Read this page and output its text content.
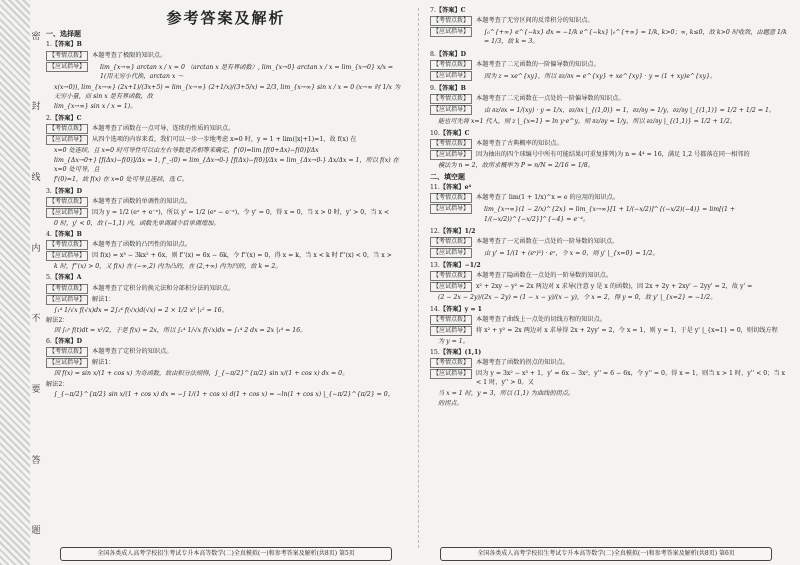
密
封
线
内
不
要
答
题
参考答案及解析
一、选择题
1.【答案】B
【考情点拨】	本题考查了极限的知识点。
【应试指导】	lim_{x→∞} arctan x / x = 0 （arctan x 是有界函数）, lim_{x→0} arctan x / x = lim_{x→0} x/x = 1(用无穷小代换，arctan x ～
x(x→0)), lim_{x→∞} (2x+1)/(3x+5) = lim_{x→∞} (2+1/x)/(3+5/x) = 2/3, lim_{x→∞} sin x / x = 0 (x→∞ 时 1/x 为无穷小量，而 sin x 是有界函数，故
lim_{x→∞} sin x / x = 1)。
2.【答案】C
【考情点拨】	本题考查了函数在一点可导，连续的性质的知识点。
【应试指导】	从四个选项的内容来看，我们可以一步一步地考虑 x=0 时，y = 1 + lim(|x|+1)=1，故 f(x) 在
x=0 处连续，且 x=0 时可导性可以由左右导数是否相等来确定，f'(0)=lim [f(0+Δx)−f(0)]/Δx
lim_{Δx→0+} [f(Δx)−f(0)]/Δx = 1, f'_-(0) = lim_{Δx→0-} [f(Δx)−f(0)]/Δx = lim_{Δx→0-} Δx/Δx = 1，所以 f(x) 在 x=0 处可导，且
f'(0)=1，故 f(x) 在 x=0 处可导且连续，选 C。
3.【答案】D
【考情点拨】	本题考查了函数的单调性的知识点。
【应试指导】	因为 y = 1/2 (eˣ + e⁻ˣ)，所以 y' = 1/2 (eˣ − e⁻ˣ)，令 y' = 0，得 x = 0，当 x > 0 时，y' > 0，当 x <
0 时，y' < 0，故 (−1,1) 内，函数先单调减少后单调增加。
4.【答案】B
【考情点拨】	本题考查了函数的凸凹性的知识点。
【应试指导】	因 f(x) = x³ − 3kx² + 6x，则 f''(x) = 6x − 6k，令 f''(x) = 0，得 x = k，当 x < k 时 f''(x) < 0，当 x >
k 时，f''(x) > 0，又 f(x) 在 (−∞,2) 内为凸的，在 (2,+∞) 内为凹的，故 k = 2。
5.【答案】A
【考情点拨】	本题考查了定积分的换元法和分部积分法的知识点。
【应试指导】	解法1：
∫₁⁴ 1/√x f(√x)dx = 2∫₁⁴ f(√x)d(√x) = 2 × 1/2 x² |₁² = 16。
解法2：
因 ∫₀ˣ f(t)dt = x²/2，于是 f(x) = 2x，所以 ∫₁⁴ 1/√x f(√x)dx = ∫₁⁴ 2 dx = 2x |₁⁴ = 16。
6.【答案】D
【考情点拨】	本题考查了定积分的知识点。
【应试指导】	解法1：
因 f(x) = sin x/(1 + cos x) 为奇函数，故由积分法则得，∫_{−π/2}^{π/2} sin x/(1 + cos x) dx = 0。
解法2：
∫_{−π/2}^{π/2} sin x/(1 + cos x) dx = −∫ 1/(1 + cos x) d(1 + cos x) = −ln(1 + cos x) |_{−π/2}^{π/2} = 0。
7.【答案】C
【考情点拨】	本题考查了无穷区间的反常积分的知识点。
【应试指导】	∫₀^{+∞} e^{−kx} dx = −1/k e^{−kx} |₀^{+∞} = 1/k, k>0；∞, k≤0，故 k>0 时收敛，由题意 1/k = 1/3，故 k = 3。
8.【答案】D
【考情点拨】	本题考查了二元函数的一阶偏导数的知识点。
【应试指导】	因为 z = xe^{xy}，所以 ∂z/∂x = e^{xy} + xe^{xy} · y = (1 + xy)e^{xy}。
9.【答案】B
【考情点拨】	本题考查了二元函数在一点处的一阶偏导数的知识点。
【应试指导】	由 ∂z/∂x = 1/(xy) · y = 1/x，∂z/∂x |_{(1,0)} = 1，∂z/∂y = 1/y，∂z/∂y |_{(1,1)} = 1/2 + 1/2 = 1。
能也可先将 x=1 代入，则 z |_{x=1} = ln y·e^y，则 ∂z/∂y = 1/y，所以 ∂z/∂y |_{(1,1)} = 1/2 + 1/2。
10.【答案】C
【考情点拨】	本题考查了古典概率的知识点。
【应试指导】	因为抽出的四个球编号中所有可能结果(可重复排列)为 n = 4⁴ = 16，满足 1,2 号都落在同一相邻的
模法为 n = 2，故所求概率为 P = n/N = 2/16 = 1/8。
二、填空题
11.【答案】e⁴
【考情点拨】	本题考查了 lim(1 + 1/x)^x = e 的应用的知识点。
【应试指导】	lim_{x→∞}(1 − 2/x)^{2x} = lim_{x→∞}[1 + 1/(−x/2)]^{(−x/2)(−4)} = lim[(1 + 1/(−x/2))^{−x/2}]^{−4} = e⁻⁴。
12.【答案】1/2
【考情点拨】	本题考查了一元函数在一点处的一阶导数的知识点。
【应试指导】	由 y' = 1/(1 + (eˣ)²) · eˣ，令 x = 0，则 y' |_{x=0} = 1/2。
13.【答案】−1/2
【考情点拨】	本题考查了隐函数在一点处的一阶导数的知识点。
【应试指导】	x² + 2xy − y² = 2x 两边对 x 求导(注意 y 是 x 的函数)，因 2x + 2y + 2xy' − 2yy' = 2，故 y' =
(2 − 2x − 2y)/(2x − 2y) = (1 − x − y)/(x − y)，令 x = 2，得 y = 0，故 y' |_{x=2} = −1/2。
14.【答案】y = 1
【考情点拨】	本题考查了曲线上一点处的切线方程的知识点。
【应试指导】	将 x² + y² = 2x 两边对 x 求导得 2x + 2yy' = 2，令 x = 1，则 y = 1，于是 y' |_{x=1} = 0，则切线方程
为 y = 1。
15.【答案】(1,1)
【考情点拨】	本题考查了函数的拐点的知识点。
【应试指导】	因为 y = 3x² − x³ + 1，y' = 6x − 3x²，y'' = 6 − 6x，令 y'' = 0，得 x = 1，则当 x > 1 时，y'' < 0；当 x < 1 时，y'' > 0。又
当 x = 1 时，y = 3，所以 (1,1) 为曲线的拐点。
的拐点。
全国各类成人高考学校招生考试专升本高等数学(二)全真模拟(一)和参考答案及解析(共8页) 第5页	全国各类成人高考学校招生考试专升本高等数学(二)全真模拟(一)和参考答案及解析(共8页) 第6页
